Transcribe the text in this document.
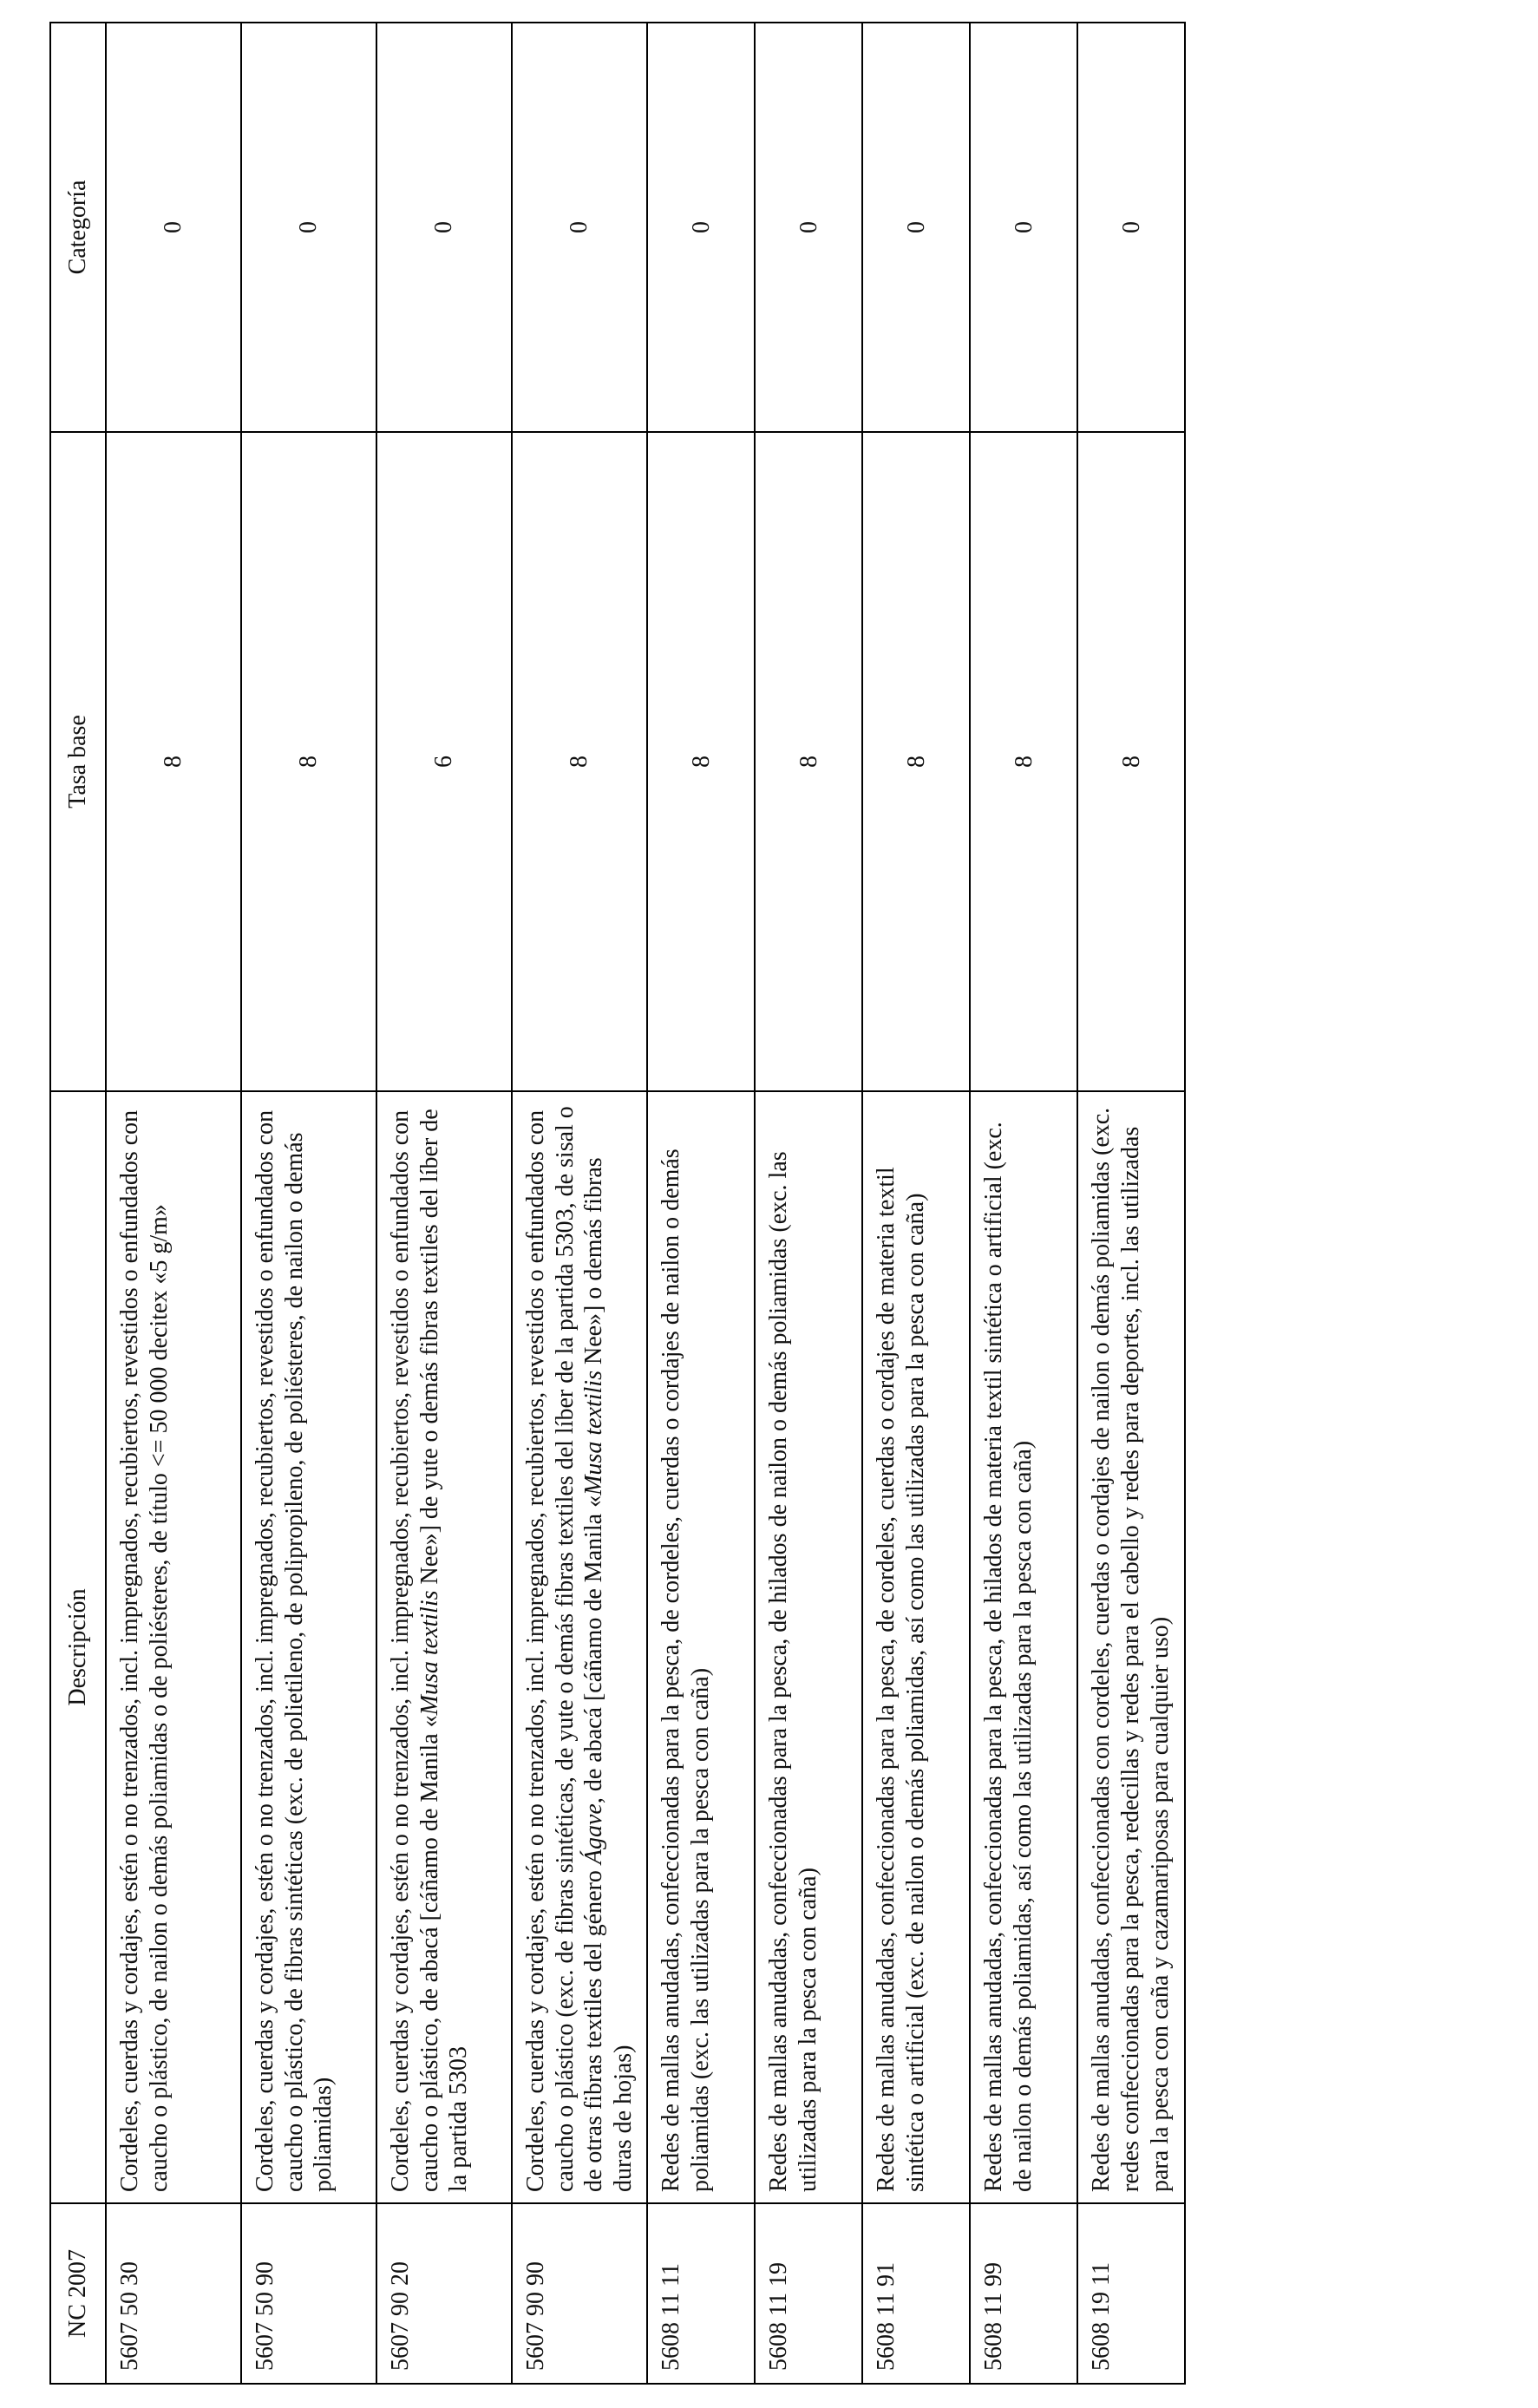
NC 2007	Descripción	Tasa base	Categoría
5607 50 30	Cordeles, cuerdas y cordajes, estén o no trenzados, incl. impregnados, recubiertos, revestidos o enfundados con caucho o plástico, de nailon o demás poliamidas o de poliésteres, de título <= 50 000 decitex «5 g/m»	8	0
5607 50 90	Cordeles, cuerdas y cordajes, estén o no trenzados, incl. impregnados, recubiertos, revestidos o enfundados con caucho o plástico, de fibras sintéticas (exc. de polietileno, de polipropileno, de poliésteres, de nailon o demás poliamidas)	8	0
5607 90 20	Cordeles, cuerdas y cordajes, estén o no trenzados, incl. impregnados, recubiertos, revestidos o enfundados con caucho o plástico, de abacá [cáñamo de Manila «Musa textilis Nee»] de yute o demás fibras textiles del líber de la partida 5303	6	0
5607 90 90	Cordeles, cuerdas y cordajes, estén o no trenzados, incl. impregnados, recubiertos, revestidos o enfundados con caucho o plástico (exc. de fibras sintéticas, de yute o demás fibras textiles del líber de la partida 5303, de sisal o de otras fibras textiles del género Ágave, de abacá [cáñamo de Manila «Musa textilis Nee»] o demás fibras duras de hojas)	8	0
5608 11 11	Redes de mallas anudadas, confeccionadas para la pesca, de cordeles, cuerdas o cordajes de nailon o demás poliamidas (exc. las utilizadas para la pesca con caña)	8	0
5608 11 19	Redes de mallas anudadas, confeccionadas para la pesca, de hilados de nailon o demás poliamidas (exc. las utilizadas para la pesca con caña)	8	0
5608 11 91	Redes de mallas anudadas, confeccionadas para la pesca, de cordeles, cuerdas o cordajes de materia textil sintética o artificial (exc. de nailon o demás poliamidas, así como las utilizadas para la pesca con caña)	8	0
5608 11 99	Redes de mallas anudadas, confeccionadas para la pesca, de hilados de materia textil sintética o artificial (exc. de nailon o demás poliamidas, así como las utilizadas para la pesca con caña)	8	0
5608 19 11	Redes de mallas anudadas, confeccionadas con cordeles, cuerdas o cordajes de nailon o demás poliamidas (exc. redes confeccionadas para la pesca, redecillas y redes para el cabello y redes para deportes, incl. las utilizadas para la pesca con caña y cazamariposas para cualquier uso)	8	0
